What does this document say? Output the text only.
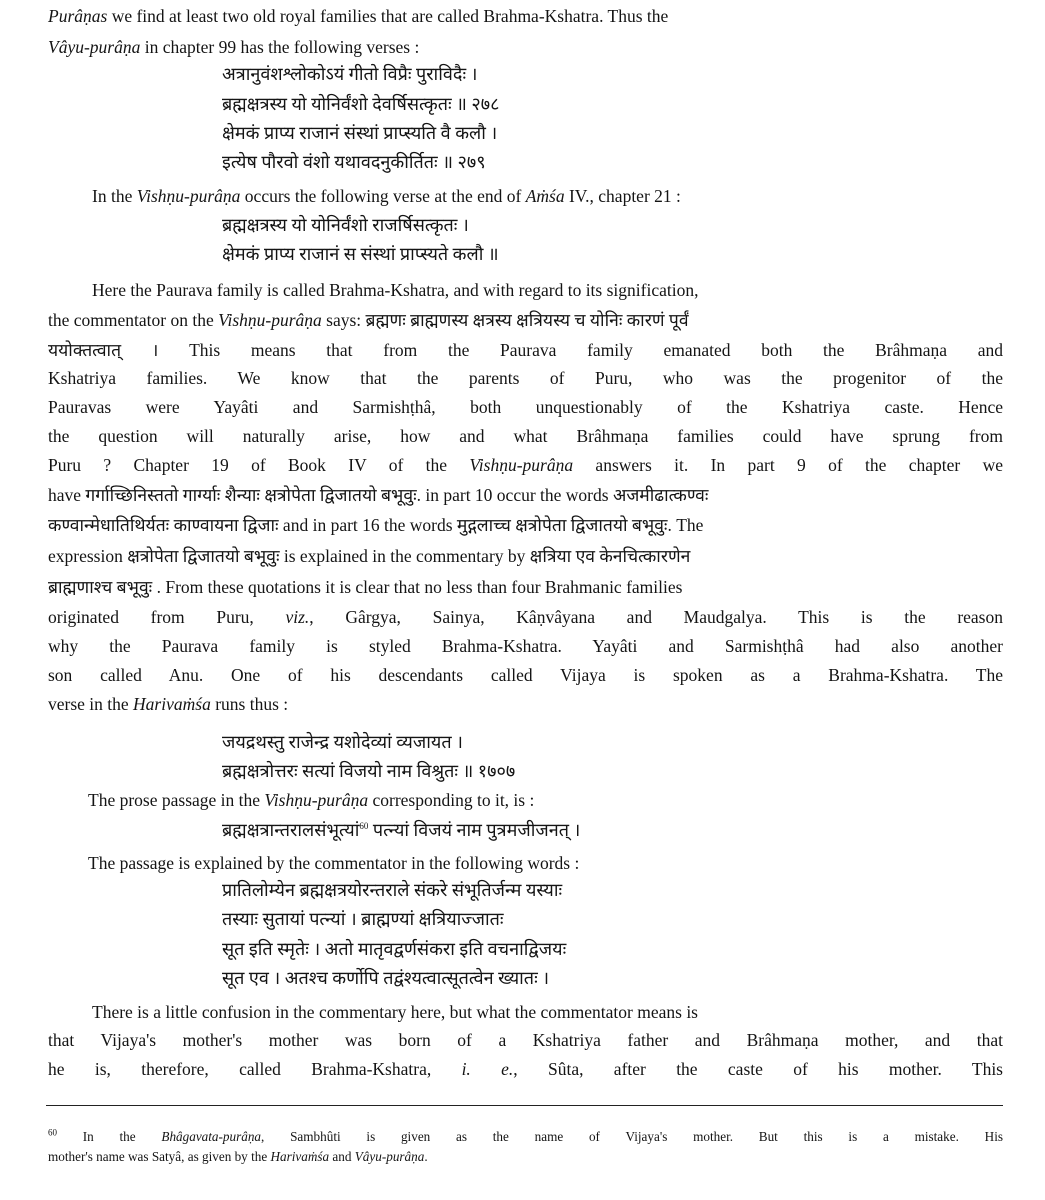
Purâṇas we find at least two old royal families that are called Brahma-Kshatra. Thus the
Vâyu-purâṇa in chapter 99 has the following verses :
अत्रानुवंशश्लोकोऽयं गीतो विप्रैः पुराविदैः ।
ब्रह्मक्षत्रस्य यो योनिर्वंशो देवर्षिसत्कृतः ॥ २७८
क्षेमकं प्राप्य राजानं संस्थां प्राप्स्यति वै कलौ ।
इत्येष पौरवो वंशो यथावदनुकीर्तितः ॥ २७९
In the Vishṇu-purâṇa occurs the following verse at the end of Aṁśa IV., chapter 21 :
ब्रह्मक्षत्रस्य यो योनिर्वंशो राजर्षिसत्कृतः ।
क्षेमकं प्राप्य राजानं स संस्थां प्राप्स्यते कलौ ॥
Here the Paurava family is called Brahma-Kshatra, and with regard to its signification,
the commentator on the Vishṇu-purâṇa says: ब्रह्मणः ब्राह्मणस्य क्षत्रस्य क्षत्रियस्य च योनिः कारणं पूर्वं
ययोक्तत्वात् । This means that from the Paurava family emanated both the Brâhmaṇa and
Kshatriya families. We know that the parents of Puru, who was the progenitor of the
Pauravas were Yayâti and Sarmishṭhâ, both unquestionably of the Kshatriya caste. Hence
the question will naturally arise, how and what Brâhmaṇa families could have sprung from
Puru ? Chapter 19 of Book IV of the Vishṇu-purâṇa answers it. In part 9 of the chapter we
have गर्गाच्छिनिस्ततो गार्ग्याः शैन्याः क्षत्रोपेता द्विजातयो बभूवुः. in part 10 occur the words अजमीढात्कण्वः
कण्वान्मेधातिथिर्यतः काण्वायना द्विजाः and in part 16 the words मुद्गलाच्च क्षत्रोपेता द्विजातयो बभूवुः. The
expression क्षत्रोपेता द्विजातयो बभूवुः is explained in the commentary by क्षत्रिया एव केनचित्कारणेन
ब्राह्मणाश्च बभूवुः . From these quotations it is clear that no less than four Brahmanic families
originated from Puru, viz., Gârgya, Sainya, Kâṇvâyana and Maudgalya. This is the reason
why the Paurava family is styled Brahma-Kshatra. Yayâti and Sarmishṭhâ had also another
son called Anu. One of his descendants called Vijaya is spoken as a Brahma-Kshatra. The
verse in the Harivaṁśa runs thus :
जयद्रथस्तु राजेन्द्र यशोदेव्यां व्यजायत ।
ब्रह्मक्षत्रोत्तरः सत्यां विजयो नाम विश्रुतः ॥ १७०७
The prose passage in the Vishṇu-purâṇa corresponding to it, is :
ब्रह्मक्षत्रान्तरालसंभूत्यां$^{60}$ पत्न्यां विजयं नाम पुत्रमजीजनत् ।
The passage is explained by the commentator in the following words :
प्रातिलोम्येन ब्रह्मक्षत्रयोरन्तराले संकरे संभूतिर्जन्म यस्याः
तस्याः सुतायां पत्न्यां । ब्राह्मण्यां क्षत्रियाज्जातः
सूत इति स्मृतेः । अतो मातृवद्वर्णसंकरा इति वचनाद्विजयः
सूत एव । अतश्च कर्णोपि तद्वंश्यत्वात्सूतत्वेन ख्यातः ।
There is a little confusion in the commentary here, but what the commentator means is
that Vijaya's mother's mother was born of a Kshatriya father and Brâhmaṇa mother, and that
he is, therefore, called Brahma-Kshatra, i. e., Sûta, after the caste of his mother. This
$^{60}$ In the Bhâgavata-purâṇa, Sambhûti is given as the name of Vijaya's mother. But this is a mistake. His
mother's name was Satyâ, as given by the Harivaṁśa and Vâyu-purâṇa.
